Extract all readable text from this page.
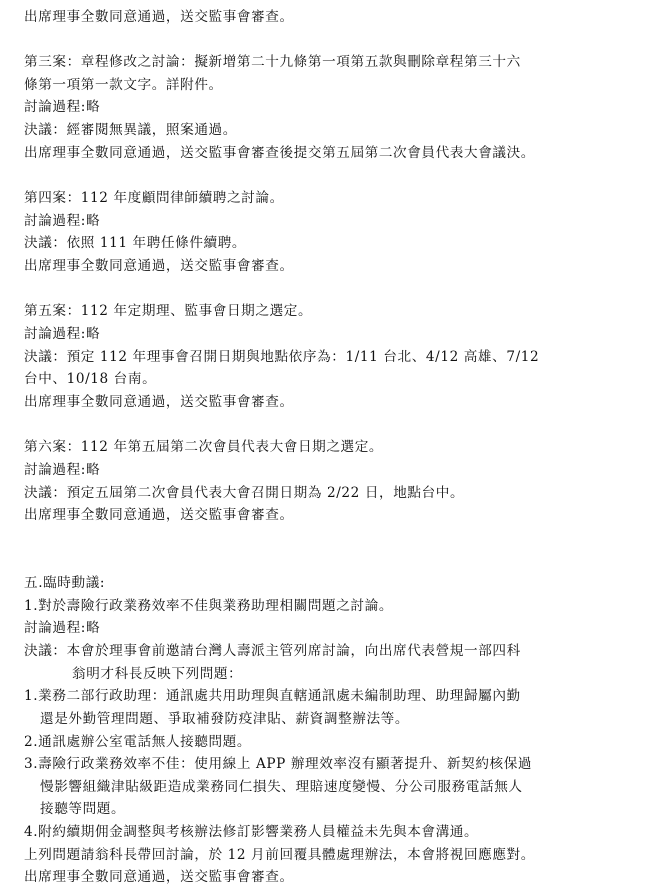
出席理事全數同意通過，送交監事會審查。
第三案：章程修改之討論：擬新增第二十九條第一項第五款與刪除章程第三十六
條第一項第一款文字。詳附件。
討論過程:略
決議：經審閱無異議，照案通過。
出席理事全數同意通過，送交監事會審查後提交第五屆第二次會員代表大會議決。
第四案：112 年度顧問律師續聘之討論。
討論過程:略
決議：依照 111 年聘任條件續聘。
出席理事全數同意通過，送交監事會審查。
第五案：112 年定期理、監事會日期之選定。
討論過程:略
決議：預定 112 年理事會召開日期與地點依序為：1/11 台北、4/12 高雄、7/12
台中、10/18 台南。
出席理事全數同意通過，送交監事會審查。
第六案：112 年第五屆第二次會員代表大會日期之選定。
討論過程:略
決議：預定五屆第二次會員代表大會召開日期為 2/22 日，地點台中。
出席理事全數同意通過，送交監事會審查。
五.臨時動議:
1.對於壽險行政業務效率不佳與業務助理相關問題之討論。
討論過程:略
決議：本會於理事會前邀請台灣人壽派主管列席討論，向出席代表營規一部四科
翁明才科長反映下列問題：
1.業務二部行政助理：通訊處共用助理與直轄通訊處未編制助理、助理歸屬內勤
還是外勤管理問題、爭取補發防疫津貼、薪資調整辦法等。
2.通訊處辦公室電話無人接聽問題。
3.壽險行政業務效率不佳：使用線上 APP 辦理效率沒有顯著提升、新契約核保過
慢影響組織津貼級距造成業務同仁損失、理賠速度變慢、分公司服務電話無人
接聽等問題。
4.附約續期佣金調整與考核辦法修訂影響業務人員權益未先與本會溝通。
上列問題請翁科長帶回討論，於 12 月前回覆具體處理辦法，本會將視回應應對。
出席理事全數同意通過，送交監事會審查。
